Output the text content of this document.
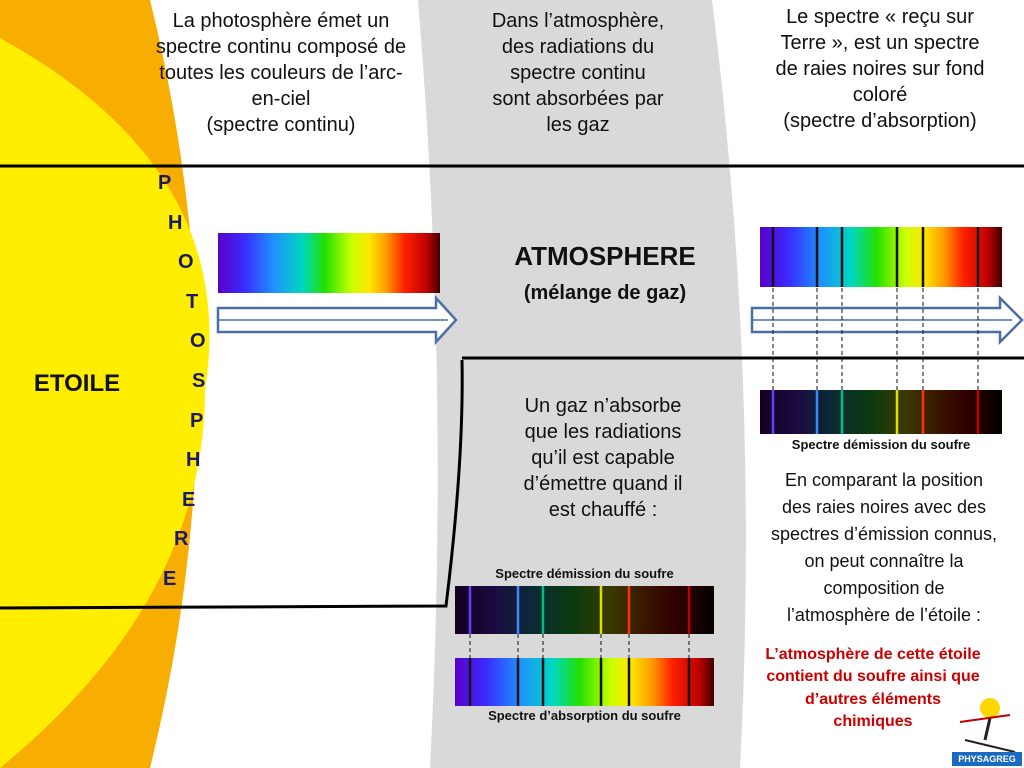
La photosphère émet un
spectre continu composé de
toutes les couleurs de l’arc-
en-ciel
(spectre continu)
Dans l’atmosphère,
des radiations du
spectre continu
sont absorbées par
les gaz
Le spectre « reçu sur
Terre », est un spectre
de raies noires sur fond
coloré
(spectre d’absorption)
ATMOSPHERE
(mélange de gaz)
ETOILE
P
H
O
T
O
S
P
H
E
R
E
Un gaz n’absorbe
que les radiations
qu’il est capable
d’émettre quand il
est chauffé :
Spectre démission du soufre
Spectre d’absorption du soufre
Spectre démission du soufre
En comparant la position
des raies noires avec des
spectres d’émission connus,
on peut connaître la
composition de
l’atmosphère de l’étoile :
L’atmosphère de cette étoile
contient du soufre ainsi que
d’autres éléments
chimiques
PHYSAGREG
